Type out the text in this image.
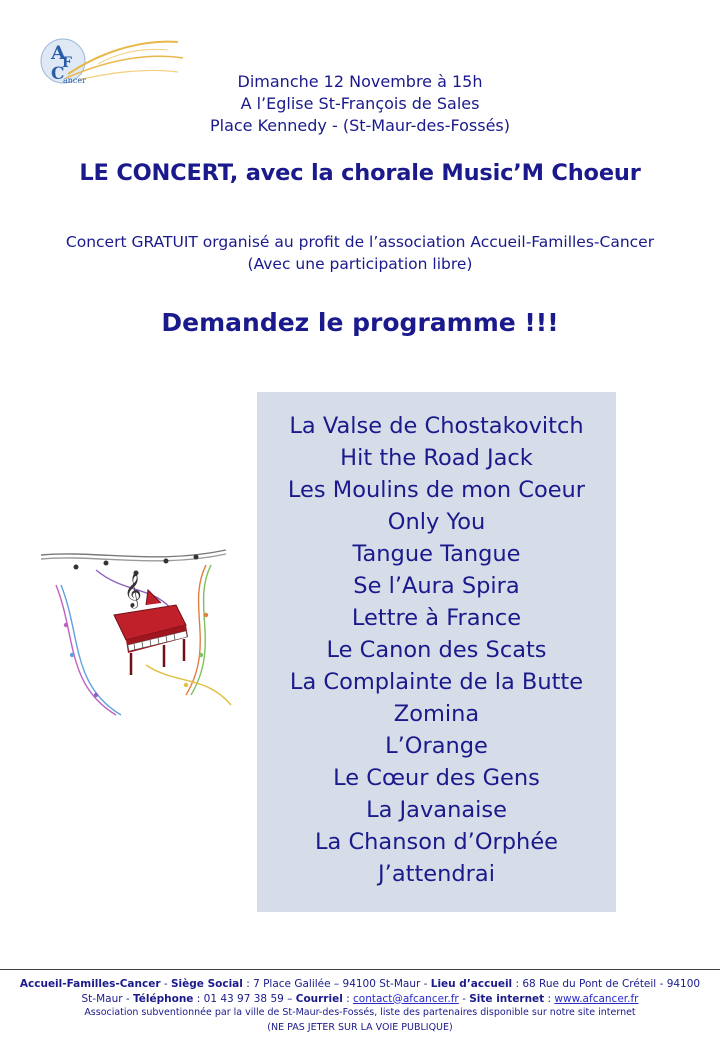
A
F
C
ancer	Dimanche 12 Novembre à 15h
A l’Eglise St-François de Sales
Place Kennedy - (St-Maur-des-Fossés)
LE CONCERT, avec la chorale Music’M Choeur
Concert GRATUIT organisé au profit de l’association Accueil-Familles-Cancer
(Avec une participation libre)
Demandez le programme !!!
𝄞
La Valse de Chostakovitch
Hit the Road Jack
Les Moulins de mon Coeur
Only You
Tangue Tangue
Se l’Aura Spira
Lettre à France
Le Canon des Scats
La Complainte de la Butte
Zomina
L’Orange
Le Cœur des Gens
La Javanaise
La Chanson d’Orphée
J’attendrai
Accueil-Familles-Cancer - Siège Social : 7 Place Galilée – 94100 St-Maur - Lieu d’accueil : 68 Rue du Pont de Créteil - 94100
St-Maur - Téléphone : 01 43 97 38 59 – Courriel : contact@afcancer.fr - Site internet : www.afcancer.fr
Association subventionnée par la ville de St-Maur-des-Fossés, liste des partenaires disponible sur notre site internet
(NE PAS JETER SUR LA VOIE PUBLIQUE)
